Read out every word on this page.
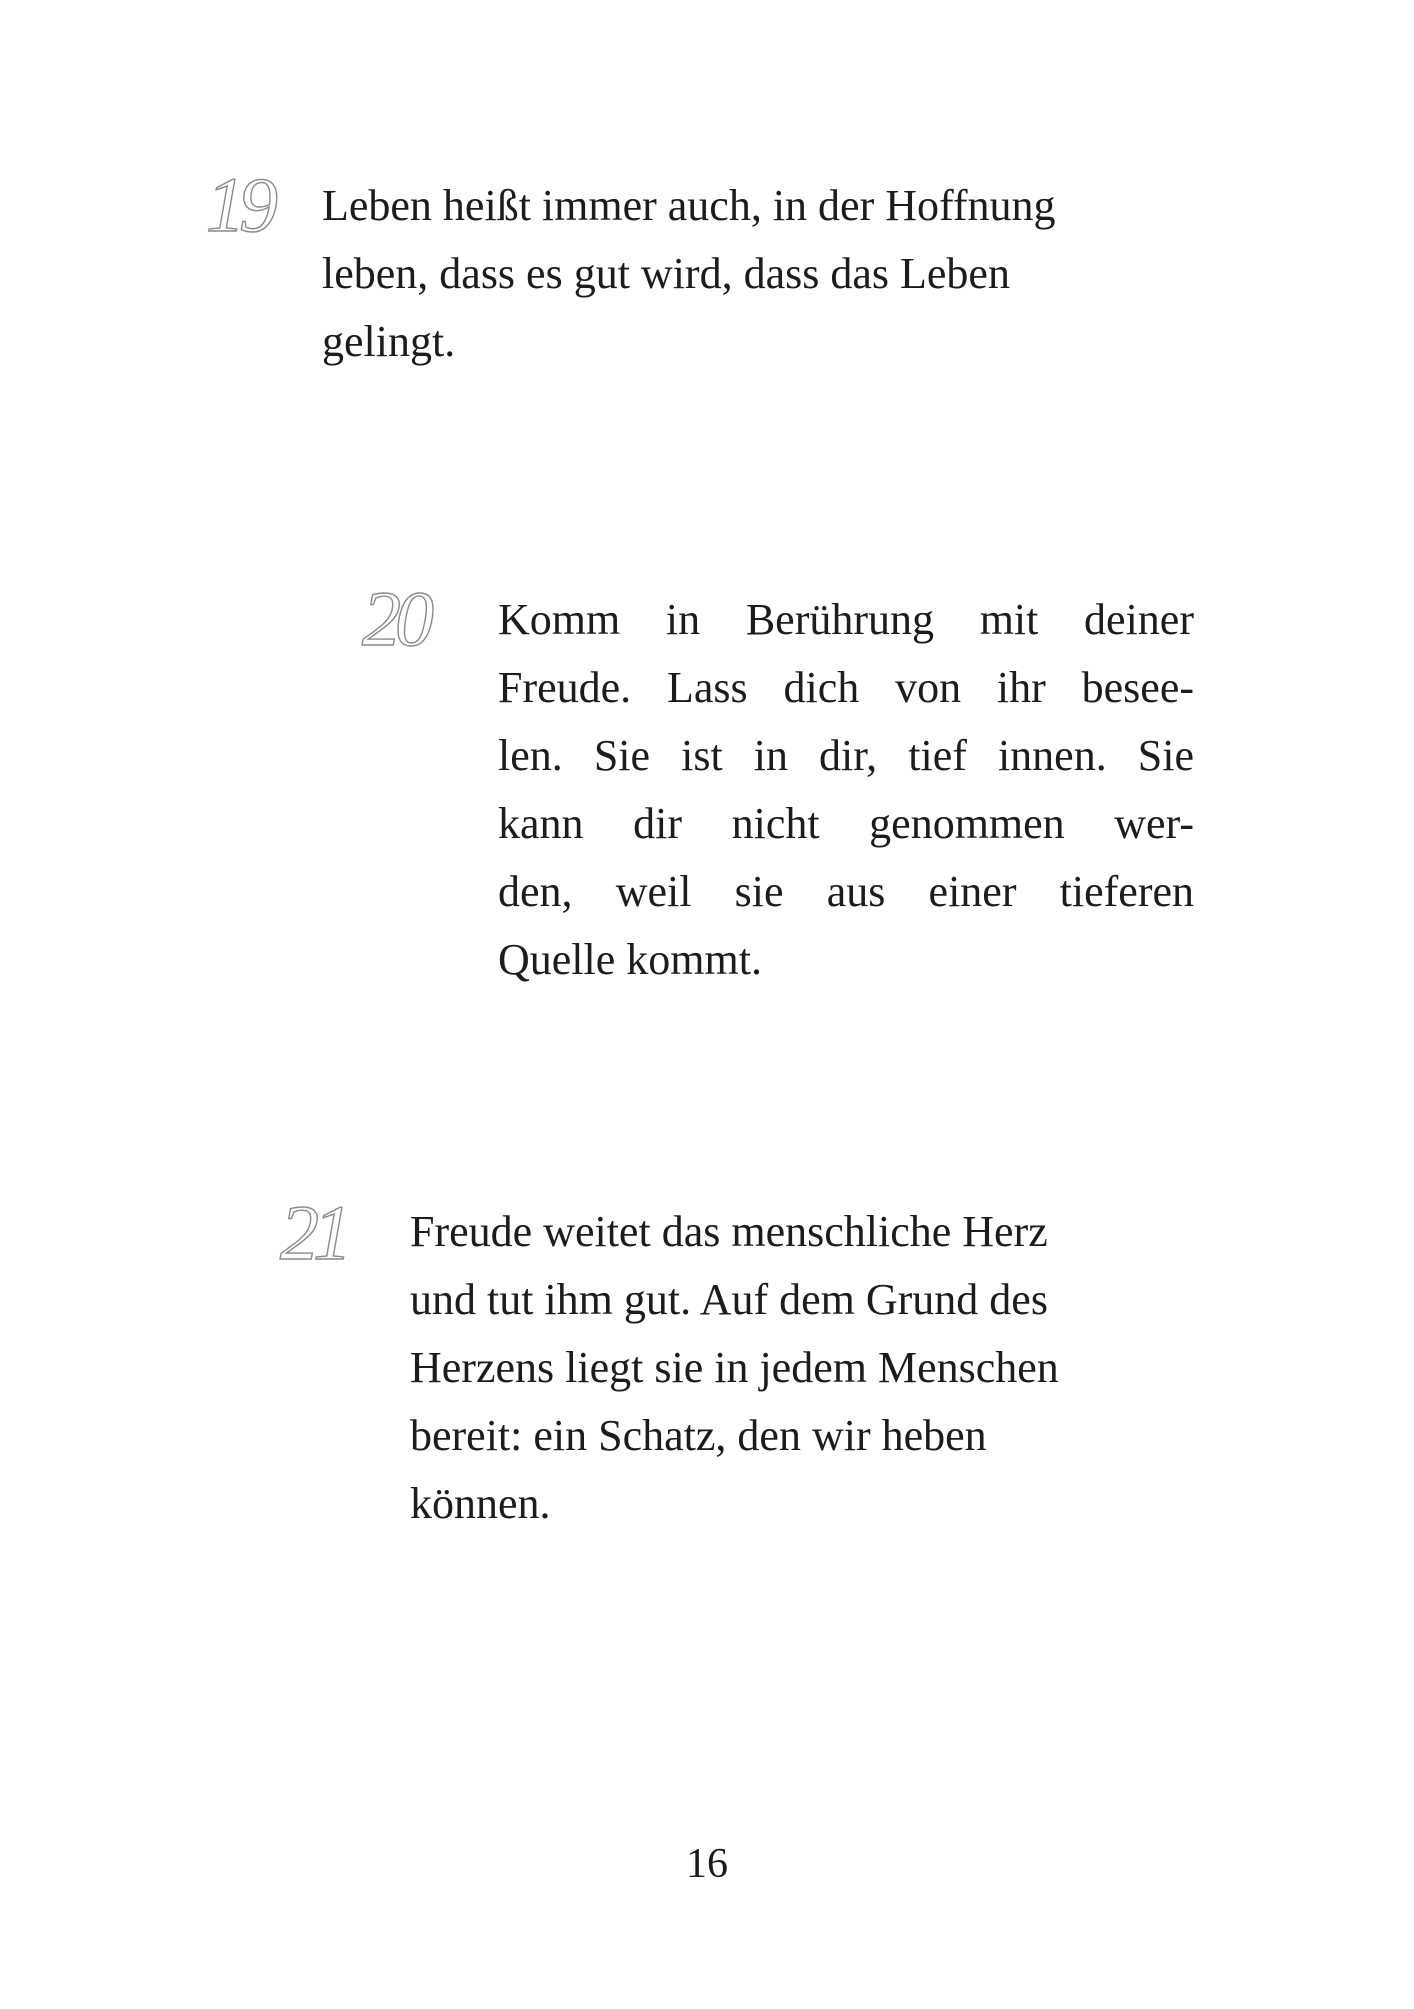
19 Leben heißt immer auch, in der Hoffnung
leben, dass es gut wird, dass das Leben
gelingt.
20 Komm in Berührung mit deiner
Freude. Lass dich von ihr besee-
len. Sie ist in dir, tief innen. Sie
kann dir nicht genommen wer-
den, weil sie aus einer tieferen
Quelle kommt.
21 Freude weitet das menschliche Herz
und tut ihm gut. Auf dem Grund des
Herzens liegt sie in jedem Menschen
bereit: ein Schatz, den wir heben
können.
16
